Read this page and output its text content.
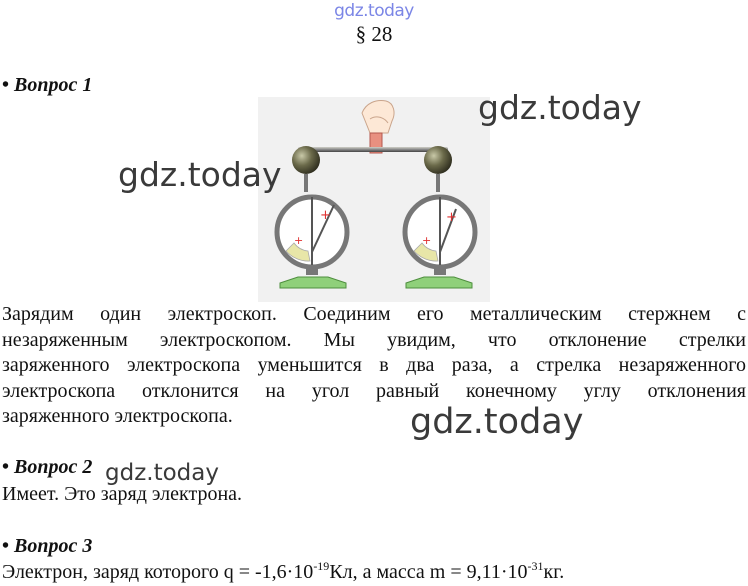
gdz.today
§ 28
• Вопрос 1
+
+
+
+
gdz.today
gdz.today
Зарядим один электроскоп. Соединим его металлическим стержнем с
незаряженным электроскопом. Мы увидим, что отклонение стрелки
заряженного электроскопа уменьшится в два раза, а стрелка незаряженного
электроскопа отклонится на угол равный конечному углу отклонения
заряженного электроскопа.	gdz.today
• Вопрос 2 gdz.today
Имеет. Это заряд электрона.
• Вопрос 3
Электрон, заряд которого $q = -1,6\cdot 10^{-19}Кл$, а масса $m = 9,11\cdot 10^{-31}кг$.
